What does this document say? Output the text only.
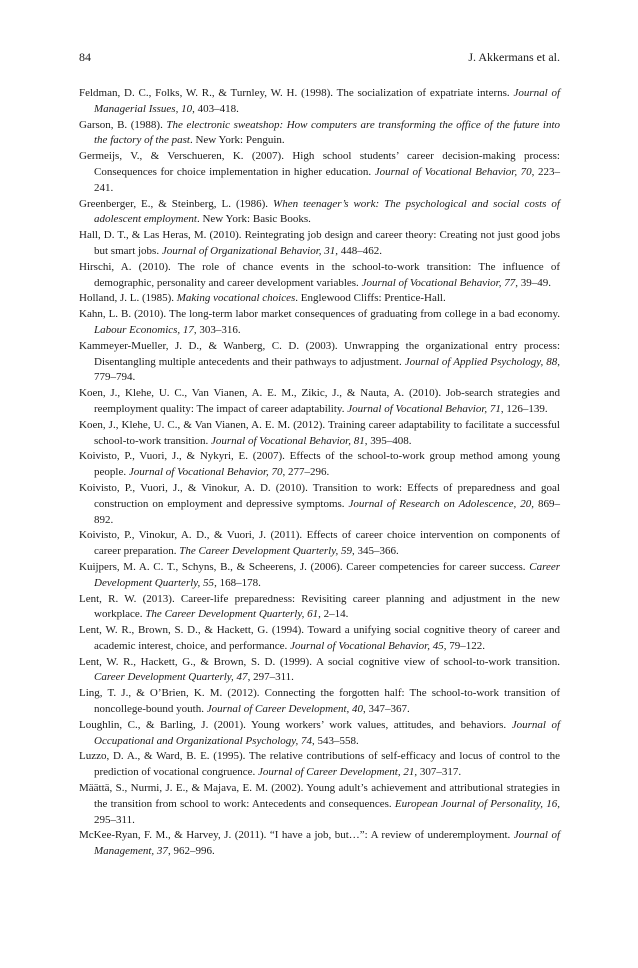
84	J. Akkermans et al.

Feldman, D. C., Folks, W. R., & Turnley, W. H. (1998). The socialization of expatriate interns. Journal of Managerial Issues, 10, 403–418.

Garson, B. (1988). The electronic sweatshop: How computers are transforming the office of the future into the factory of the past. New York: Penguin.

Germeijs, V., & Verschueren, K. (2007). High school students’ career decision-making process: Consequences for choice implementation in higher education. Journal of Vocational Behavior, 70, 223–241.

Greenberger, E., & Steinberg, L. (1986). When teenager’s work: The psychological and social costs of adolescent employment. New York: Basic Books.

Hall, D. T., & Las Heras, M. (2010). Reintegrating job design and career theory: Creating not just good jobs but smart jobs. Journal of Organizational Behavior, 31, 448–462.

Hirschi, A. (2010). The role of chance events in the school-to-work transition: The influence of demographic, personality and career development variables. Journal of Vocational Behavior, 77, 39–49.

Holland, J. L. (1985). Making vocational choices. Englewood Cliffs: Prentice-Hall.

Kahn, L. B. (2010). The long-term labor market consequences of graduating from college in a bad economy. Labour Economics, 17, 303–316.

Kammeyer-Mueller, J. D., & Wanberg, C. D. (2003). Unwrapping the organizational entry process: Disentangling multiple antecedents and their pathways to adjustment. Journal of Applied Psychology, 88, 779–794.

Koen, J., Klehe, U. C., Van Vianen, A. E. M., Zikic, J., & Nauta, A. (2010). Job-search strategies and reemployment quality: The impact of career adaptability. Journal of Vocational Behavior, 71, 126–139.

Koen, J., Klehe, U. C., & Van Vianen, A. E. M. (2012). Training career adaptability to facilitate a successful school-to-work transition. Journal of Vocational Behavior, 81, 395–408.

Koivisto, P., Vuori, J., & Nykyri, E. (2007). Effects of the school-to-work group method among young people. Journal of Vocational Behavior, 70, 277–296.

Koivisto, P., Vuori, J., & Vinokur, A. D. (2010). Transition to work: Effects of preparedness and goal construction on employment and depressive symptoms. Journal of Research on Adolescence, 20, 869–892.

Koivisto, P., Vinokur, A. D., & Vuori, J. (2011). Effects of career choice intervention on components of career preparation. The Career Development Quarterly, 59, 345–366.

Kuijpers, M. A. C. T., Schyns, B., & Scheerens, J. (2006). Career competencies for career success. Career Development Quarterly, 55, 168–178.

Lent, R. W. (2013). Career-life preparedness: Revisiting career planning and adjustment in the new workplace. The Career Development Quarterly, 61, 2–14.

Lent, W. R., Brown, S. D., & Hackett, G. (1994). Toward a unifying social cognitive theory of career and academic interest, choice, and performance. Journal of Vocational Behavior, 45, 79–122.

Lent, W. R., Hackett, G., & Brown, S. D. (1999). A social cognitive view of school-to-work transition. Career Development Quarterly, 47, 297–311.

Ling, T. J., & O’Brien, K. M. (2012). Connecting the forgotten half: The school-to-work transition of noncollege-bound youth. Journal of Career Development, 40, 347–367.

Loughlin, C., & Barling, J. (2001). Young workers’ work values, attitudes, and behaviors. Journal of Occupational and Organizational Psychology, 74, 543–558.

Luzzo, D. A., & Ward, B. E. (1995). The relative contributions of self-efficacy and locus of control to the prediction of vocational congruence. Journal of Career Development, 21, 307–317.

Määttä, S., Nurmi, J. E., & Majava, E. M. (2002). Young adult’s achievement and attributional strategies in the transition from school to work: Antecedents and consequences. European Journal of Personality, 16, 295–311.

McKee-Ryan, F. M., & Harvey, J. (2011). “I have a job, but…”: A review of underemployment. Journal of Management, 37, 962–996.
